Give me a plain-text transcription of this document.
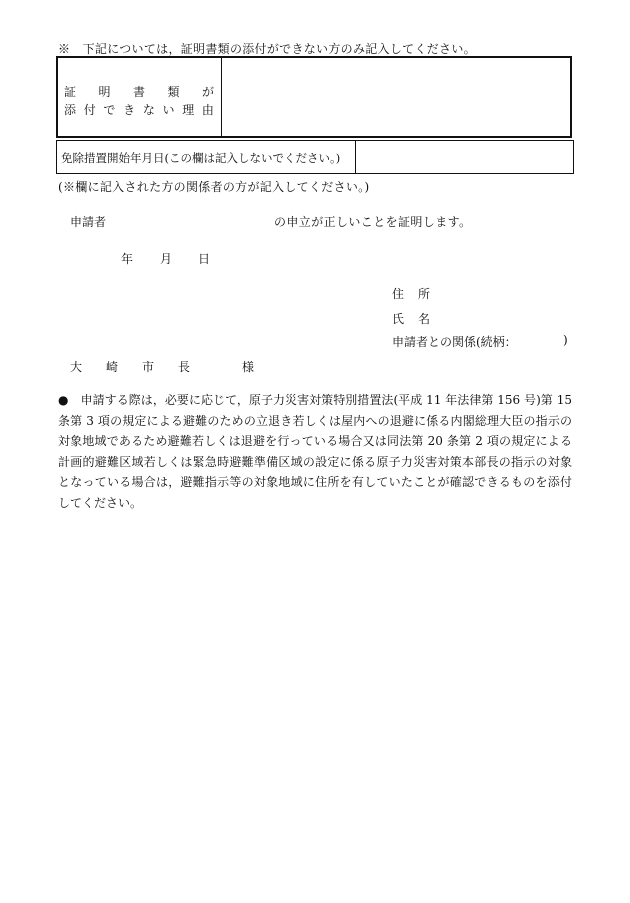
※　下記については，証明書類の添付ができない方のみ記入してください。
証 明 書 類 が
添 付 で き な い 理 由
免除措置開始年月日(この欄は記入しないでください。)
(※欄に記入された方の関係者の方が記入してください。)
申請者	の申立が正しいことを証明します。
年 月 日
住 所
氏 名
申請者との関係(続柄：	)
大 崎 市 長	様
●　 申請する際は，必要に応じて，原子力災害対策特別措置法(平成 11 年法律第 156 号)第 15 条第 3 項の規定による避難のための立退き若しくは屋内への退避に係る内閣総理大臣の指示の対象地域であるため避難若しくは退避を行っている場合又は同法第 20 条第 2 項の規定による計画的避難区域若しくは緊急時避難準備区域の設定に係る原子力災害対策本部長の指示の対象となっている場合は，避難指示等の対象地域に住所を有していたことが確認できるものを添付してください。
